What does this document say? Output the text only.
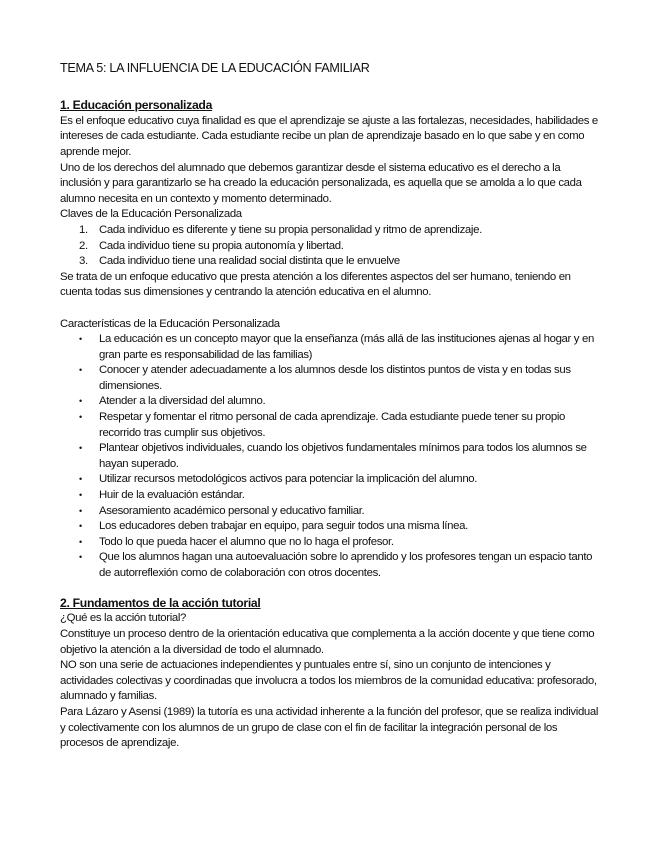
TEMA 5: LA INFLUENCIA DE LA EDUCACIÓN FAMILIAR
1. Educación personalizada

Es el enfoque educativo cuya finalidad es que el aprendizaje se ajuste a las fortalezas, necesidades, habilidades e intereses de cada estudiante. Cada estudiante recibe un plan de aprendizaje basado en lo que sabe y en como aprende mejor.

Uno de los derechos del alumnado que debemos garantizar desde el sistema educativo es el derecho a la inclusión y para garantizarlo se ha creado la educación personalizada, es aquella que se amolda a lo que cada alumno necesita en un contexto y momento determinado.

Claves de la Educación Personalizada

1. Cada individuo es diferente y tiene su propia personalidad y ritmo de aprendizaje.
2. Cada individuo tiene su propia autonomía y libertad.
3. Cada individuo tiene una realidad social distinta que le envuelve

Se trata de un enfoque educativo que presta atención a los diferentes aspectos del ser humano, teniendo en cuenta todas sus dimensiones y centrando la atención educativa en el alumno.

Características de la Educación Personalizada

• La educación es un concepto mayor que la enseñanza (más allá de las instituciones ajenas al hogar y en gran parte es responsabilidad de las familias)
• Conocer y atender adecuadamente a los alumnos desde los distintos puntos de vista y en todas sus dimensiones.
• Atender a la diversidad del alumno.
• Respetar y fomentar el ritmo personal de cada aprendizaje. Cada estudiante puede tener su propio recorrido tras cumplir sus objetivos.
• Plantear objetivos individuales, cuando los objetivos fundamentales mínimos para todos los alumnos se hayan superado.
• Utilizar recursos metodológicos activos para potenciar la implicación del alumno.
• Huir de la evaluación estándar.
• Asesoramiento académico personal y educativo familiar.
• Los educadores deben trabajar en equipo, para seguir todos una misma línea.
• Todo lo que pueda hacer el alumno que no lo haga el profesor.
• Que los alumnos hagan una autoevaluación sobre lo aprendido y los profesores tengan un espacio tanto de autorreflexión como de colaboración con otros docentes.
2. Fundamentos de la acción tutorial

¿Qué es la acción tutorial?

Constituye un proceso dentro de la orientación educativa que complementa a la acción docente y que tiene como objetivo la atención a la diversidad de todo el alumnado.

NO son una serie de actuaciones independientes y puntuales entre sí, sino un conjunto de intenciones y actividades colectivas y coordinadas que involucra a todos los miembros de la comunidad educativa: profesorado, alumnado y familias.

Para Lázaro y Asensi (1989) la tutoría es una actividad inherente a la función del profesor, que se realiza individual y colectivamente con los alumnos de un grupo de clase con el fin de facilitar la integración personal de los procesos de aprendizaje.
